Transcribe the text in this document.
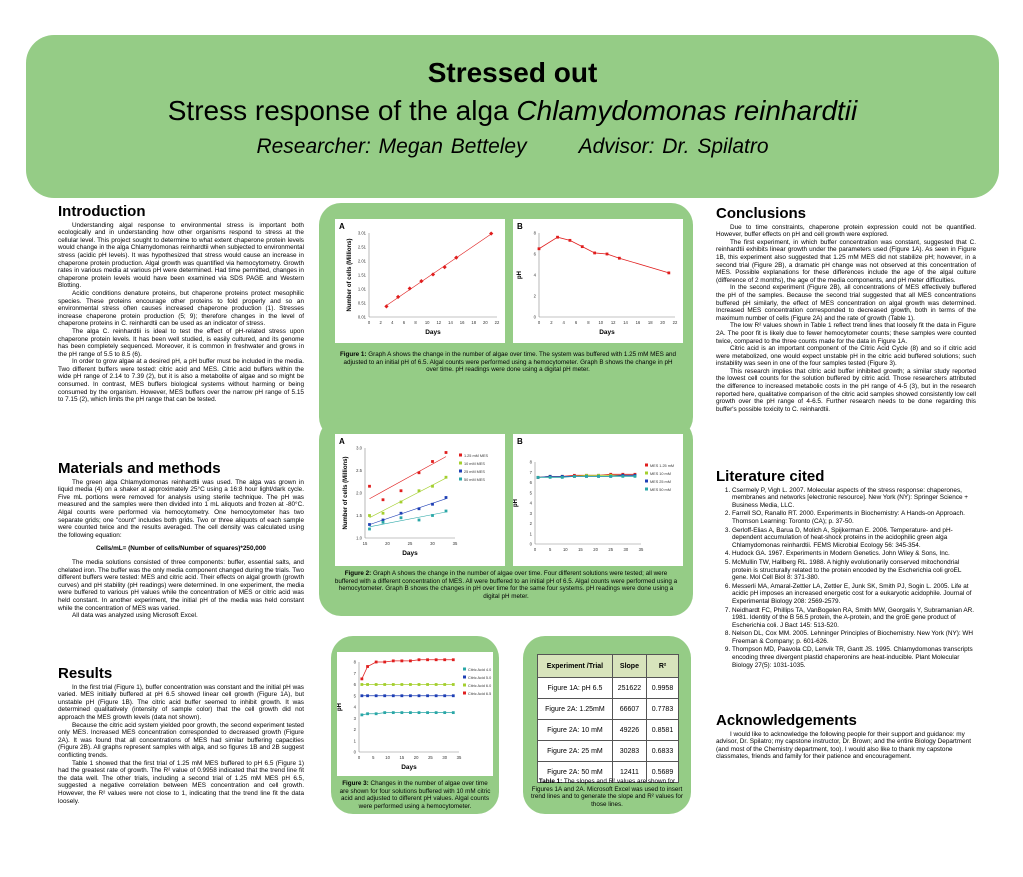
Stressed out
Stress response of the alga Chlamydomonas reinhardtii
Researcher: Megan Betteley Advisor: Dr. Spilatro
Introduction

Understanding algal response to environmental stress is important both ecologically and in understanding how other organisms respond to stress at the cellular level. This project sought to determine to what extent chaperone protein levels would change in the alga Chlamydomonas reinhardtii when subjected to environmental stress (acidic pH levels). It was hypothesized that stress would cause an increase in chaperone protein production. Algal growth was quantified via hemocytometry. Growth rates in various media at various pH were determined. Had time permitted, changes in chaperone protein levels would have been examined via SDS PAGE and Western Blotting.

Acidic conditions denature proteins, but chaperone proteins protect mesophilic species. These proteins encourage other proteins to fold properly and so an environmental stress often causes increased chaperone production (1). Stresses increase chaperone protein production (5; 9); therefore changes in the level of chaperone proteins in C. reinhardtii can be used as an indicator of stress.

The alga C. reinhardtii is ideal to test the effect of pH-related stress upon chaperone protein levels. It has been well studied, is easily cultured, and its genome has been completely sequenced. Moreover, it is common in freshwater and grows in the pH range of 5.5 to 8.5 (6).

In order to grow algae at a desired pH, a pH buffer must be included in the media. Two different buffers were tested: citric acid and MES. Citric acid buffers within the wide pH range of 2.14 to 7.39 (2), but it is also a metabolite of algae and so might be consumed. In contrast, MES buffers biological systems without harming or being consumed by the organism. However, MES buffers over the narrow pH range of 5.15 to 7.15 (2), which limits the pH range that can be tested.

Materials and methods

The green alga Chlamydomonas reinhardtii was used. The alga was grown in liquid media (4) on a shaker at approximately 25°C using a 16:8 hour light/dark cycle. Five mL portions were removed for analysis using sterile technique. The pH was measured and the samples were then divided into 1 mL aliquots and frozen at -80°C. Algal counts were performed via hemocytometry. One hemocytometer has two separate grids; one "count" includes both grids. Two or three aliquots of each sample were counted twice and the results averaged. The cell density was calculated using the following equation:

Cells/mL= (Number of cells/Number of squares)*250,000

The media solutions consisted of three components: buffer, essential salts, and chelated iron. The buffer was the only media component changed during the trials. Two different buffers were tested: MES and citric acid. Their effects on algal growth (growth curves) and pH stability (pH readings) were determined. In one experiment, the media were buffered to various pH values while the concentration of MES or citric acid was held constant. In another experiment, the initial pH of the media was held constant while the concentration of MES was varied.

All data was analyzed using Microsoft Excel.

Results

In the first trial (Figure 1), buffer concentration was constant and the initial pH was varied. MES initially buffered at pH 6.5 showed linear cell growth (Figure 1A), but unstable pH (Figure 1B). The citric acid buffer seemed to inhibit growth. It was determined qualitatively (intensity of sample color) that the cell growth did not approach the MES growth levels (data not shown).

Because the citric acid system yielded poor growth, the second experiment tested only MES. Increased MES concentration corresponded to decreased growth (Figure 2A). It was found that all concentrations of MES had similar buffering capacities (Figure 2B). All graphs represent samples with alga, and so figures 1B and 2B suggest conflicting trends.

Table 1 showed that the first trial of 1.25 mM MES buffered to pH 6.5 (Figure 1) had the greatest rate of growth. The R² value of 0.9958 indicated that the trend line fit the data well. The other trials, including a second trial of 1.25 mM MES pH 6.5, suggested a negative correlation between MES concentration and cell growth. However, the R² values were not close to 1, indicating that the trend line fit the data loosely.

A
0 2 4 6 8 10 12 14 16 18 20 22
0.01
0.51
1.01
1.51
2.01
2.51
3.01
Days
Number of cells (Millions)
B
0 2 4 6 8 10 12 14 16 18 20 22
0
2
4
6
8
Days
pH
Figure 1: Graph A shows the change in the number of algae over time. The system was buffered with 1.25 mM MES and adjusted to an initial pH of 6.5. Algal counts were performed using a hemocytometer. Graph B shows the change in pH over time. pH readings were done using a digital pH meter.
A
15	20	25	30	35
1.0
1.5
2.0
2.5
3.0
Days
Number of cells (Millions)
1.25 mM MES
10 mM MES
25 mM MES
50 mM MES
B
0	5	10 15 20 25 30 35
0
1
2
3
4
5
6
7
8
pH
MES 1.25 mM
MES 10 mM
MES 25 mM
MES 50 mM
Figure 2: Graph A shows the change in the number of algae over time. Four different solutions were tested; all were buffered with a different concentration of MES. All were buffered to an initial pH of 6.5. Algal counts were performed using a hemocytometer. Graph B shows the changes in pH over time for the same four systems. pH readings were done using a digital pH meter.
0	5	10 15 20 25 30 35
0
1
2
3
4
5
6
7
8
Days
pH
Citric Acid 4.0
Citric Acid 5.0
Citric Acid 6.0
Citric Acid 6.5
Figure 3: Changes in the number of algae over time are shown for four solutions buffered with 10 mM citric acid and adjusted to different pH values. Algal counts were performed using a hemocytometer.
Experiment /Trial	Slope	R²
Figure 1A: pH 6.5	251622	0.9958
Figure 2A: 1.25mM	66607	0.7783
Figure 2A: 10 mM	49226	0.8581
Figure 2A: 25 mM	30283	0.6833
Figure 2A: 50 mM	12411	0.5689
Table 1: The slopes and R² values are shown for Figures 1A and 2A. Microsoft Excel was used to insert trend lines and to generate the slope and R² values for those lines.
Conclusions

Due to time constraints, chaperone protein expression could not be quantified. However, buffer effects on pH and cell growth were explored.

The first experiment, in which buffer concentration was constant, suggested that C. reinhardtii exhibits linear growth under the parameters used (Figure 1A). As seen in Figure 1B, this experiment also suggested that 1.25 mM MES did not stabilize pH; however, in a second trial (Figure 2B), a dramatic pH change was not observed at this concentration of MES. Possible explanations for these differences include the age of the algal culture (difference of 2 months), the age of the media components, and pH meter difficulties.

In the second experiment (Figure 2B), all concentrations of MES effectively buffered the pH of the samples. Because the second trial suggested that all MES concentrations buffered pH similarly, the effect of MES concentration on algal growth was determined. Increased MES concentration corresponded to decreased growth, both in terms of the maximum number of cells (Figure 2A) and the rate of growth (Table 1).

The low R² values shown in Table 1 reflect trend lines that loosely fit the data in Figure 2A. The poor fit is likely due to fewer hemocytometer counts; these samples were counted twice, compared to the three counts made for the data in Figure 1A.

Citric acid is an important component of the Citric Acid Cycle (8) and so if citric acid were metabolized, one would expect unstable pH in the citric acid buffered solutions; such instability was seen in one of the four samples tested (Figure 3).

This research implies that citric acid buffer inhibited growth; a similar study reported the lowest cell counts for the solution buffered by citric acid. Those researchers attributed the difference to increased metabolic costs in the pH range of 4-5 (3), but in the research reported here, qualitative comparison of the citric acid samples showed consistently low cell growth over the pH range of 4-6.5. Further research needs to be done regarding this buffer's possible toxicity to C. reinhardtii.

Literature cited
1. Csermely P, Vigh L. 2007. Molecular aspects of the stress response: chaperones, membranes and networks [electronic resource]. New York (NY): Springer Science + Business Media, LLC.
2. Farrell SO, Ranallo RT. 2000. Experiments in Biochemistry: A Hands-on Approach. Thomson Learning: Toronto (CA); p. 37-50.
3. Gerloff-Elias A, Barua D, Molich A, Spijkerman E. 2006. Temperature- and pH-dependent accumulation of heat-shock proteins in the acidophilic green alga Chlamydomonas reinhardtii. FEMS Microbial Ecology 56: 345-354.
4. Hudock GA. 1967. Experiments in Modern Genetics. John Wiley & Sons, Inc.
5. McMullin TW, Hallberg RL. 1988. A highly evolutionarily conserved mitochondrial protein is structurally related to the protein encoded by the Escherichia coli groEL gene. Mol Cell Biol 8: 371-380.
6. Messerli MA, Amaral-Zettler LA, Zettler E, Junk SK, Smith PJ, Sogin L. 2005. Life at acidic pH imposes an increased energetic cost for a eukaryotic acidophile. Journal of Experimental Biology 208: 2569-2579.
7. Neidhardt FC, Phillips TA, VanBogelen RA, Smith MW, Georgalis Y, Subramanian AR. 1981. Identity of the B 56.5 protein, the A-protein, and the groE gene product of Escherichia coli. J Bact 145: 513-520.
8. Nelson DL, Cox MM. 2005. Lehninger Principles of Biochemistry. New York (NY): WH Freeman & Company; p. 601-626.
9. Thompson MD, Paavola CD, Lenvik TR, Gantt JS. 1995. Chlamydomonas transcripts encoding three divergent plastid chaperonins are heat-inducible. Plant Molecular Biology 27(5): 1031-1035.
Acknowledgements

I would like to acknowledge the following people for their support and guidance: my advisor, Dr. Spilatro; my capstone instructor, Dr. Brown; and the entire Biology Department (and most of the Chemistry department, too). I would also like to thank my capstone classmates, friends and family for their patience and encouragement.
